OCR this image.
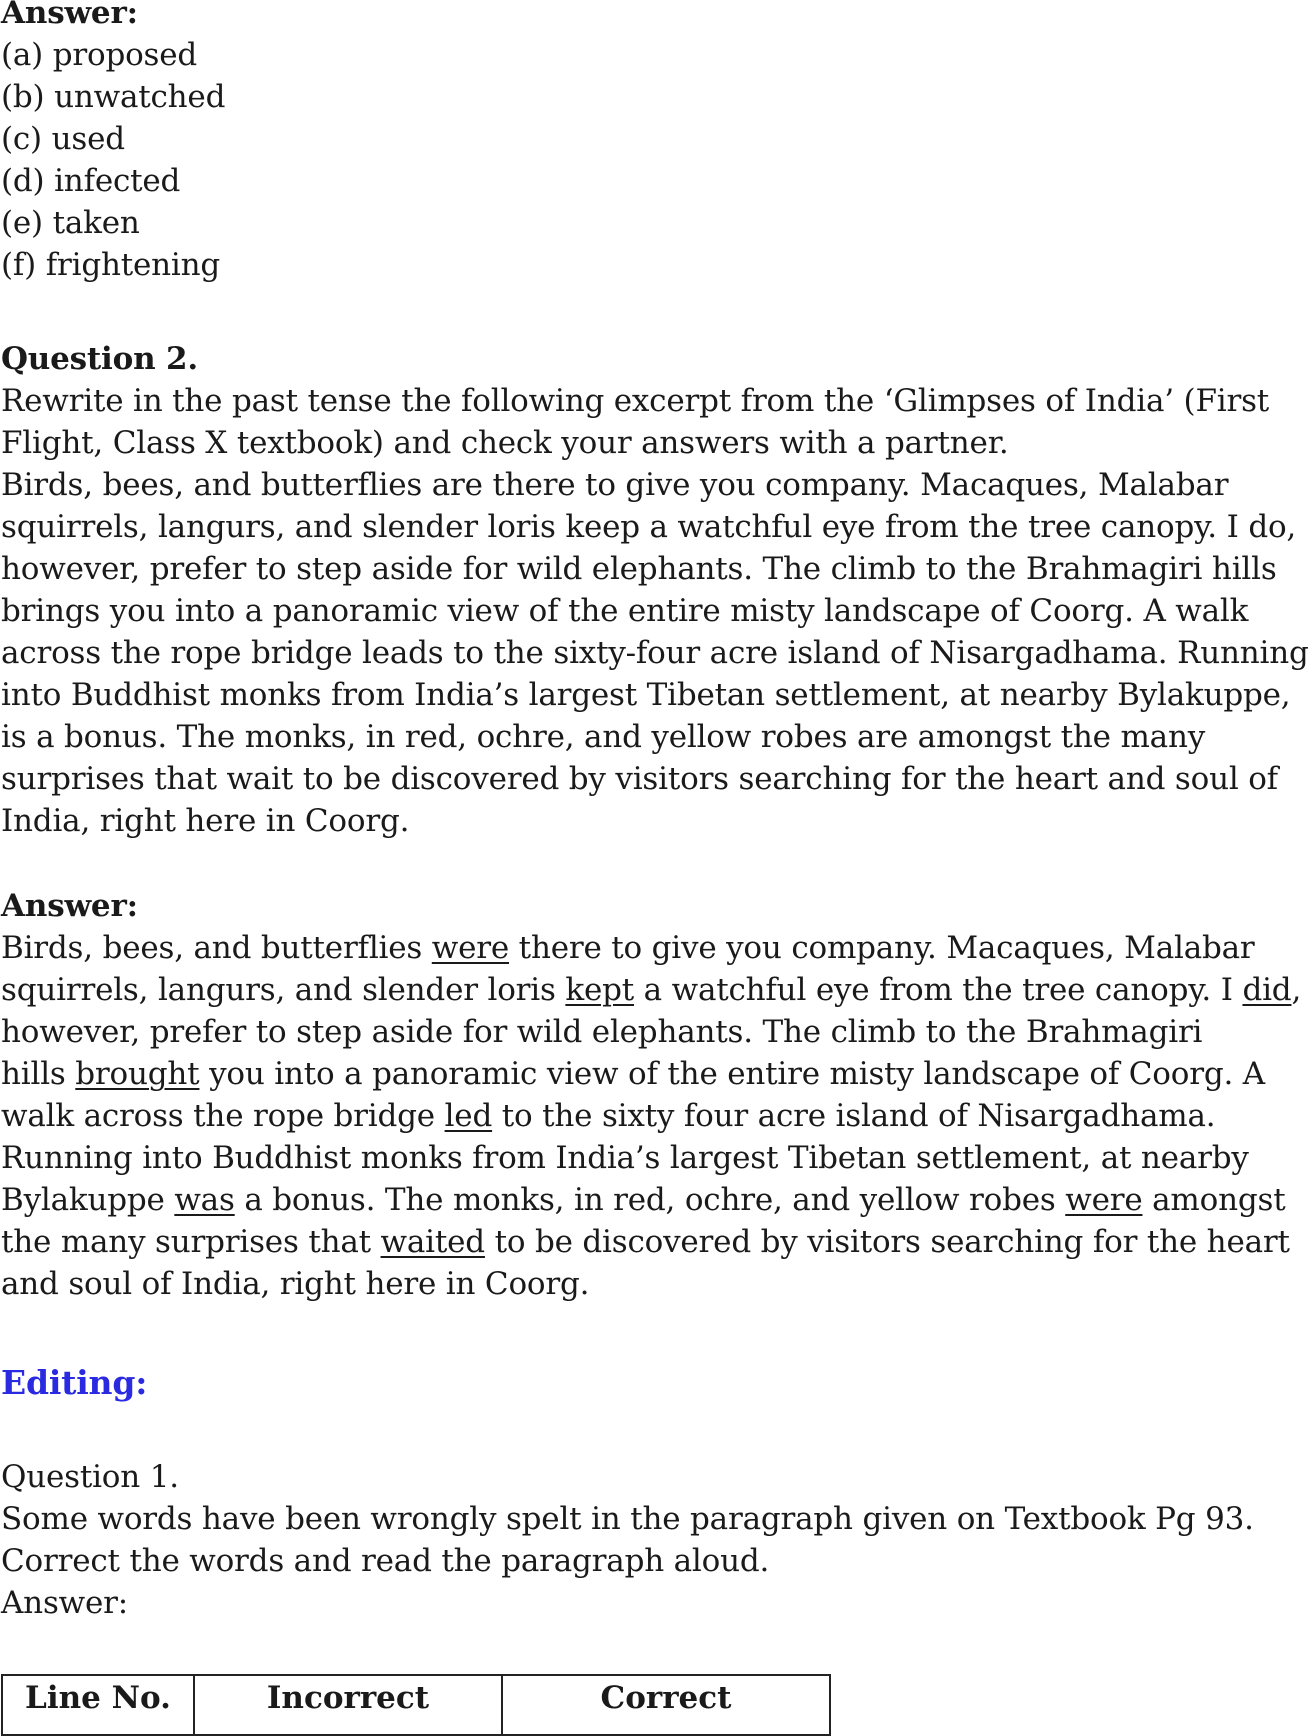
Answer:

(a) proposed

(b) unwatched

(c) used

(d) infected

(e) taken

(f) frightening

Question 2.

Rewrite in the past tense the following excerpt from the ‘Glimpses of India’ (First

Flight, Class X textbook) and check your answers with a partner.

Birds, bees, and butterflies are there to give you company. Macaques, Malabar

squirrels, langurs, and slender loris keep a watchful eye from the tree canopy. I do,

however, prefer to step aside for wild elephants. The climb to the Brahmagiri hills

brings you into a panoramic view of the entire misty landscape of Coorg. A walk

across the rope bridge leads to the sixty-four acre island of Nisargadhama. Running

into Buddhist monks from India’s largest Tibetan settlement, at nearby Bylakuppe,

is a bonus. The monks, in red, ochre, and yellow robes are amongst the many

surprises that wait to be discovered by visitors searching for the heart and soul of

India, right here in Coorg.

Answer:

Birds, bees, and butterflies were there to give you company. Macaques, Malabar

squirrels, langurs, and slender loris kept a watchful eye from the tree canopy. I did,

however, prefer to step aside for wild elephants. The climb to the Brahmagiri

hills brought you into a panoramic view of the entire misty landscape of Coorg. A

walk across the rope bridge led to the sixty four acre island of Nisargadhama.

Running into Buddhist monks from India’s largest Tibetan settlement, at nearby

Bylakuppe was a bonus. The monks, in red, ochre, and yellow robes were amongst

the many surprises that waited to be discovered by visitors searching for the heart

and soul of India, right here in Coorg.

Editing:

Question 1.

Some words have been wrongly spelt in the paragraph given on Textbook Pg 93.

Correct the words and read the paragraph aloud.

Answer:

Line No.	Incorrect	Correct
